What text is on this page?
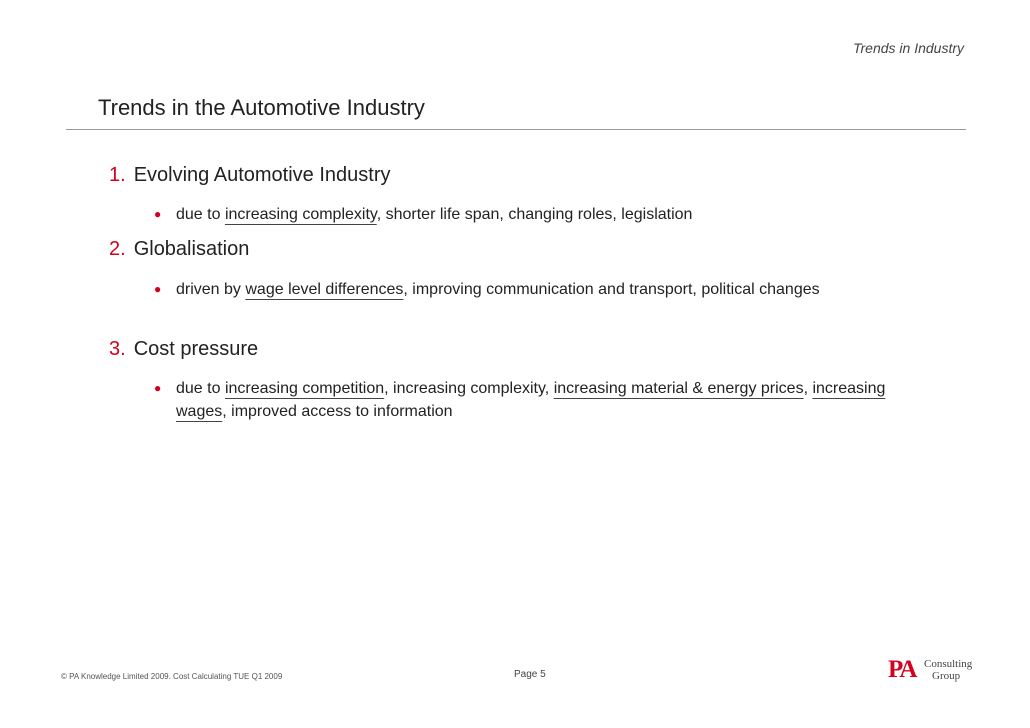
Trends in Industry
Trends in the Automotive Industry
1. Evolving Automotive Industry
● due to increasing complexity, shorter life span, changing roles, legislation
2. Globalisation
● driven by wage level differences, improving communication and transport, political changes
3. Cost pressure
● due to increasing competition, increasing complexity, increasing material & energy prices, increasing wages, improved access to information
© PA Knowledge Limited 2009. Cost Calculating TUE Q1 2009	Page 5	PA Consulting
Group
